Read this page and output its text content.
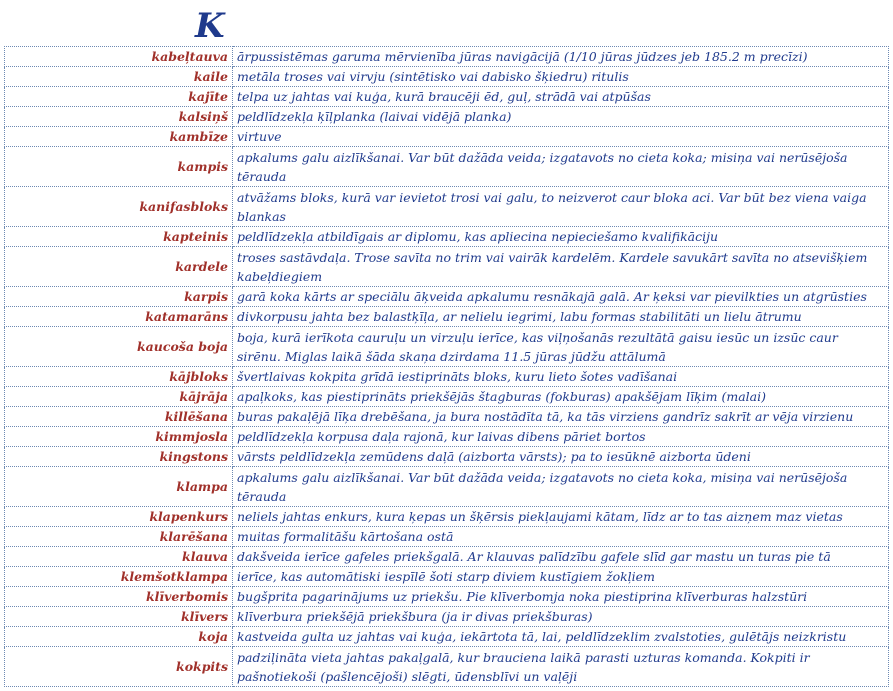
K
kabeļtauva	ārpussistēmas garuma mērvienība jūras navigācijā (1/10 jūras jūdzes jeb 185.2 m precīzi)
kaile	metāla troses vai virvju (sintētisko vai dabisko šķiedru) ritulis
kajīte	telpa uz jahtas vai kuģa, kurā braucēji ēd, guļ, strādā vai atpūšas
kalsiņš	peldlīdzekļa ķīļplanka (laivai vidējā planka)
kambīze	virtuve
kampis	apkalums galu aizlīkšanai. Var būt dažāda veida; izgatavots no cieta koka; misiņa vai nerūsējoša tērauda
kanifasbloks	atvāžams bloks, kurā var ievietot trosi vai galu, to neizverot caur bloka aci. Var būt bez viena vaiga blankas
kapteinis	peldlīdzekļa atbildīgais ar diplomu, kas apliecina nepieciešamo kvalifikāciju
kardele	troses sastāvdaļa. Trose savīta no trim vai vairāk kardelēm. Kardele savukārt savīta no atsevišķiem kabeļdiegiem
karpis	garā koka kārts ar speciālu āķveida apkalumu resnākajā galā. Ar ķeksi var pievilkties un atgrūsties
katamarāns	divkorpusu jahta bez balastķīļa, ar nelielu iegrimi, labu formas stabilitāti un lielu ātrumu
kaucoša boja	boja, kurā ierīkota cauruļu un virzuļu ierīce, kas viļņošanās rezultātā gaisu iesūc un izsūc caur sirēnu. Miglas laikā šāda skaņa dzirdama 11.5 jūras jūdžu attālumā
kājbloks	švertlaivas kokpita grīdā iestiprināts bloks, kuru lieto šotes vadīšanai
kājrāja	apaļkoks, kas piestiprināts priekšējās štagburas (fokburas) apakšējam līķim (malai)
killēšana	buras pakaļējā līķa drebēšana, ja bura nostādīta tā, ka tās virziens gandrīz sakrīt ar vēja virzienu
kimmjosla	peldlīdzekļa korpusa daļa rajonā, kur laivas dibens pāriet bortos
kingstons	vārsts peldlīdzekļa zemūdens daļā (aizborta vārsts); pa to iesūknē aizborta ūdeni
klampa	apkalums galu aizlīkšanai. Var būt dažāda veida; izgatavots no cieta koka, misiņa vai nerūsējoša tērauda
klapenkurs	neliels jahtas enkurs, kura ķepas un šķērsis piekļaujami kātam, līdz ar to tas aizņem maz vietas
klarēšana	muitas formalitāšu kārtošana ostā
klauva	dakšveida ierīce gafeles priekšgalā. Ar klauvas palīdzību gafele slīd gar mastu un turas pie tā
klemšotklampa	ierīce, kas automātiski iespīlē šoti starp diviem kustīgiem žokļiem
klīverbomis	bugšprita pagarinājums uz priekšu. Pie klīverbomja noka piestiprina klīverburas halzstūri
klīvers	klīverbura priekšējā priekšbura (ja ir divas priekšburas)
koja	kastveida gulta uz jahtas vai kuģa, iekārtota tā, lai, peldlīdzeklim zvalstoties, gulētājs neizkristu
kokpits	padziļināta vieta jahtas pakaļgalā, kur brauciena laikā parasti uzturas komanda. Kokpiti ir pašnotiekoši (pašlencējoši) slēgti, ūdensblīvi un vaļēji
